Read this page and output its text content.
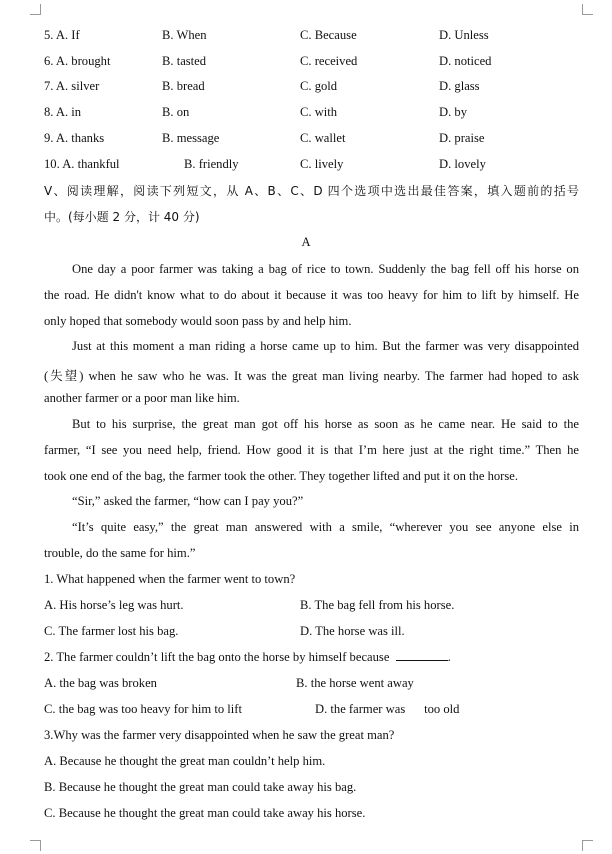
5. A. If	B. When	C. Because	D. Unless
6. A. brought	B. tasted	C. received	D. noticed
7. A. silver	B. bread	C. gold	D. glass
8. A. in	B. on	C. with	D. by
9. A. thanks	B. message	C. wallet	D. praise
10. A. thankful	B. friendly	C. lively	D. lovely
Ⅴ、阅读理解，阅读下列短文，从 A、B、C、D 四个选项中选出最佳答案，填入题前的括号
中。(每小题 2 分，计 40 分)
A
One day a poor farmer was taking a bag of rice to town. Suddenly the bag fell off his horse on
the road. He didn't know what to do about it because it was too heavy for him to lift by himself. He
only hoped that somebody would soon pass by and help him.
Just at this moment a man riding a horse came up to him. But the farmer was very disappointed
(失望) when he saw who he was. It was the great man living nearby. The farmer had hoped to ask
another farmer or a poor man like him.
But to his surprise, the great man got off his horse as soon as he came near. He said to the
farmer, “I see you need help, friend. How good it is that I’m here just at the right time.” Then he
took one end of the bag, the farmer took the other. They together lifted and put it on the horse.
“Sir,” asked the farmer, “how can I pay you?”
“It’s quite easy,” the great man answered with a smile, “wherever you see anyone else in
trouble, do the same for him.”
1. What happened when the farmer went to town?
A. His horse’s leg was hurt.	B. The bag fell from his horse.
C. The farmer lost his bag.	D. The horse was ill.
2. The farmer couldn’t lift the bag onto the horse by himself because	.
A. the bag was broken	B. the horse went away
C. the bag was too heavy for him to lift	D. the farmer was      too old
3.Why was the farmer very disappointed when he saw the great man?
A. Because he thought the great man couldn’t help him.
B. Because he thought the great man could take away his bag.
C. Because he thought the great man could take away his horse.
